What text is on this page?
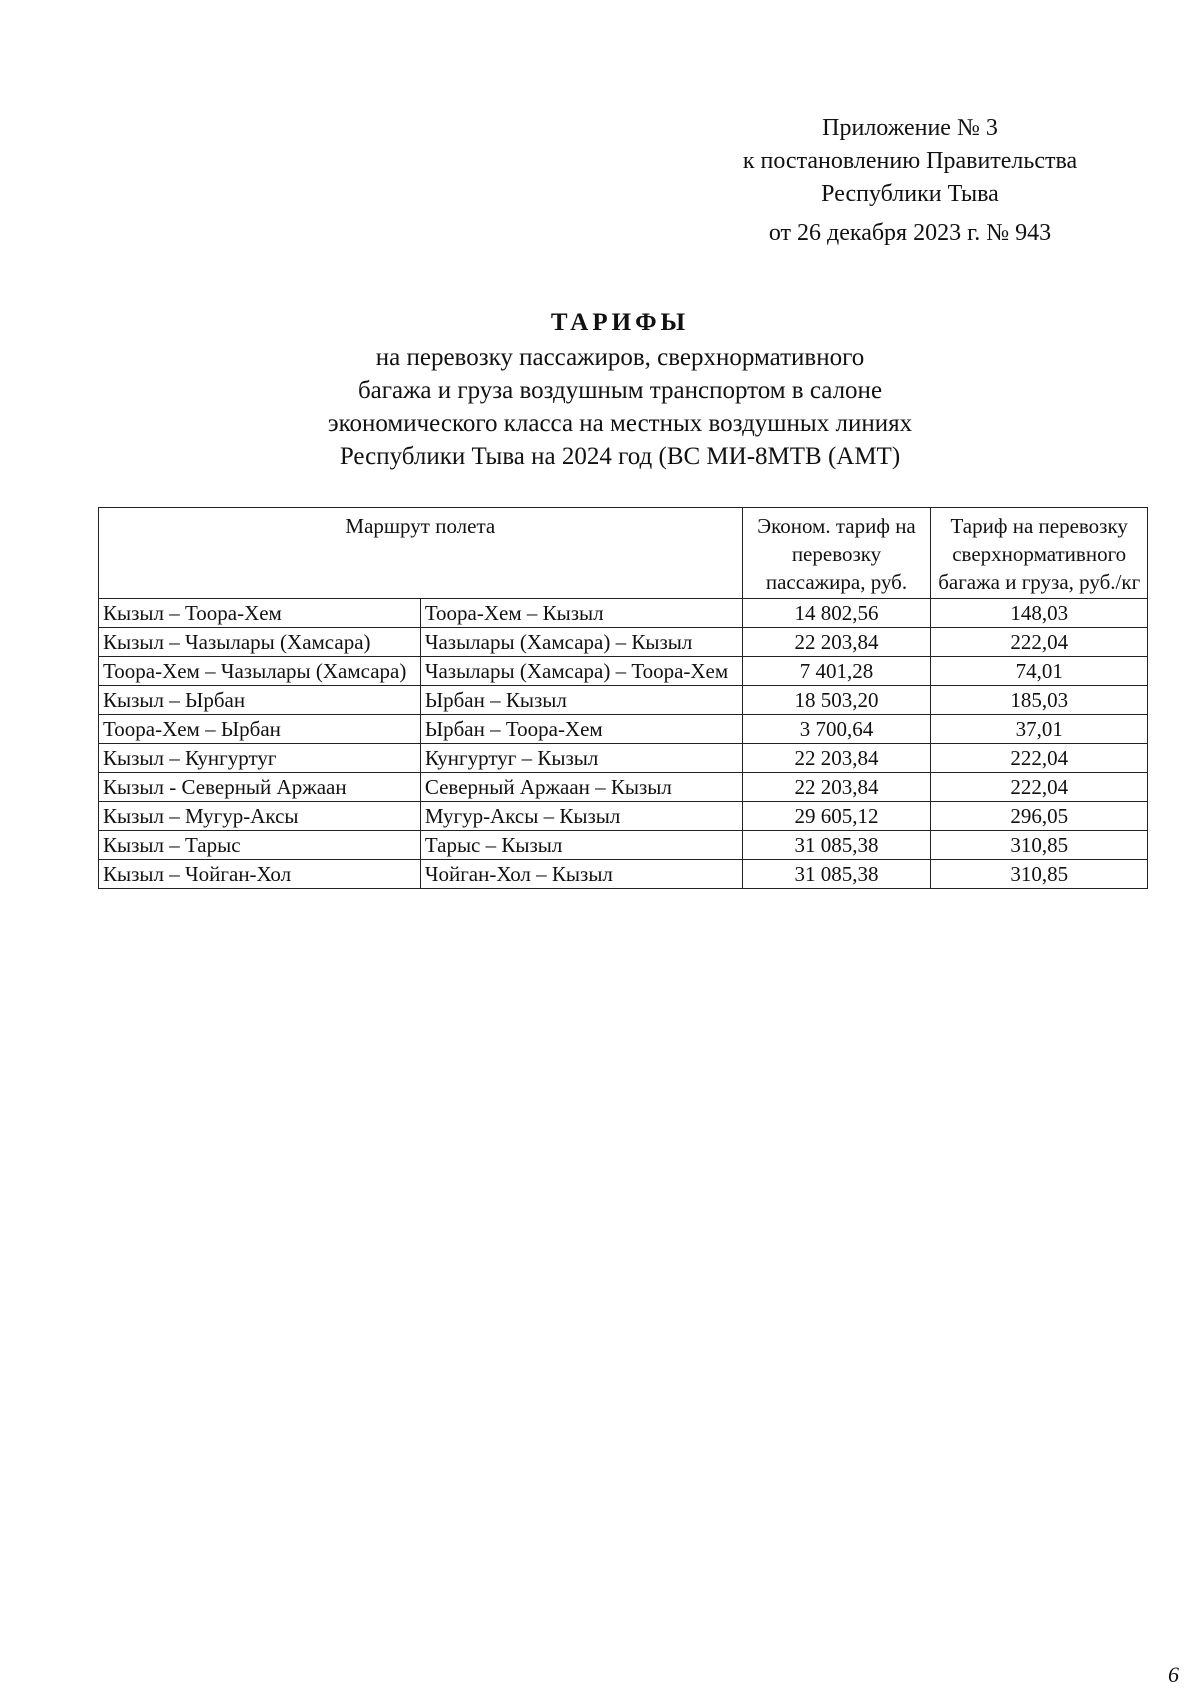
Приложение № 3
к постановлению Правительства
Республики Тыва
от 26 декабря 2023 г. № 943
ТАРИФЫ
на перевозку пассажиров, сверхнормативного
багажа и груза воздушным транспортом в салоне
экономического класса на местных воздушных линиях
Республики Тыва на 2024 год (ВС МИ-8МТВ (АМТ)
Маршрут полета		Эконом. тариф на перевозку пассажира, руб.	Тариф на перевозку сверхнормативного багажа и груза, руб./кг
Кызыл – Тоора-Хем	Тоора-Хем – Кызыл	14 802,56	148,03
Кызыл – Чазылары (Хамсара)	Чазылары (Хамсара) – Кызыл	22 203,84	222,04
Тоора-Хем – Чазылары (Хамсара)	Чазылары (Хамсара) – Тоора-Хем	7 401,28	74,01
Кызыл – Ырбан	Ырбан – Кызыл	18 503,20	185,03
Тоора-Хем – Ырбан	Ырбан – Тоора-Хем	3 700,64	37,01
Кызыл – Кунгуртуг	Кунгуртуг – Кызыл	22 203,84	222,04
Кызыл - Северный Аржаан	Северный Аржаан – Кызыл	22 203,84	222,04
Кызыл – Мугур-Аксы	Мугур-Аксы – Кызыл	29 605,12	296,05
Кызыл – Тарыс	Тарыс – Кызыл	31 085,38	310,85
Кызыл – Чойган-Хол	Чойган-Хол – Кызыл	31 085,38	310,85
6
